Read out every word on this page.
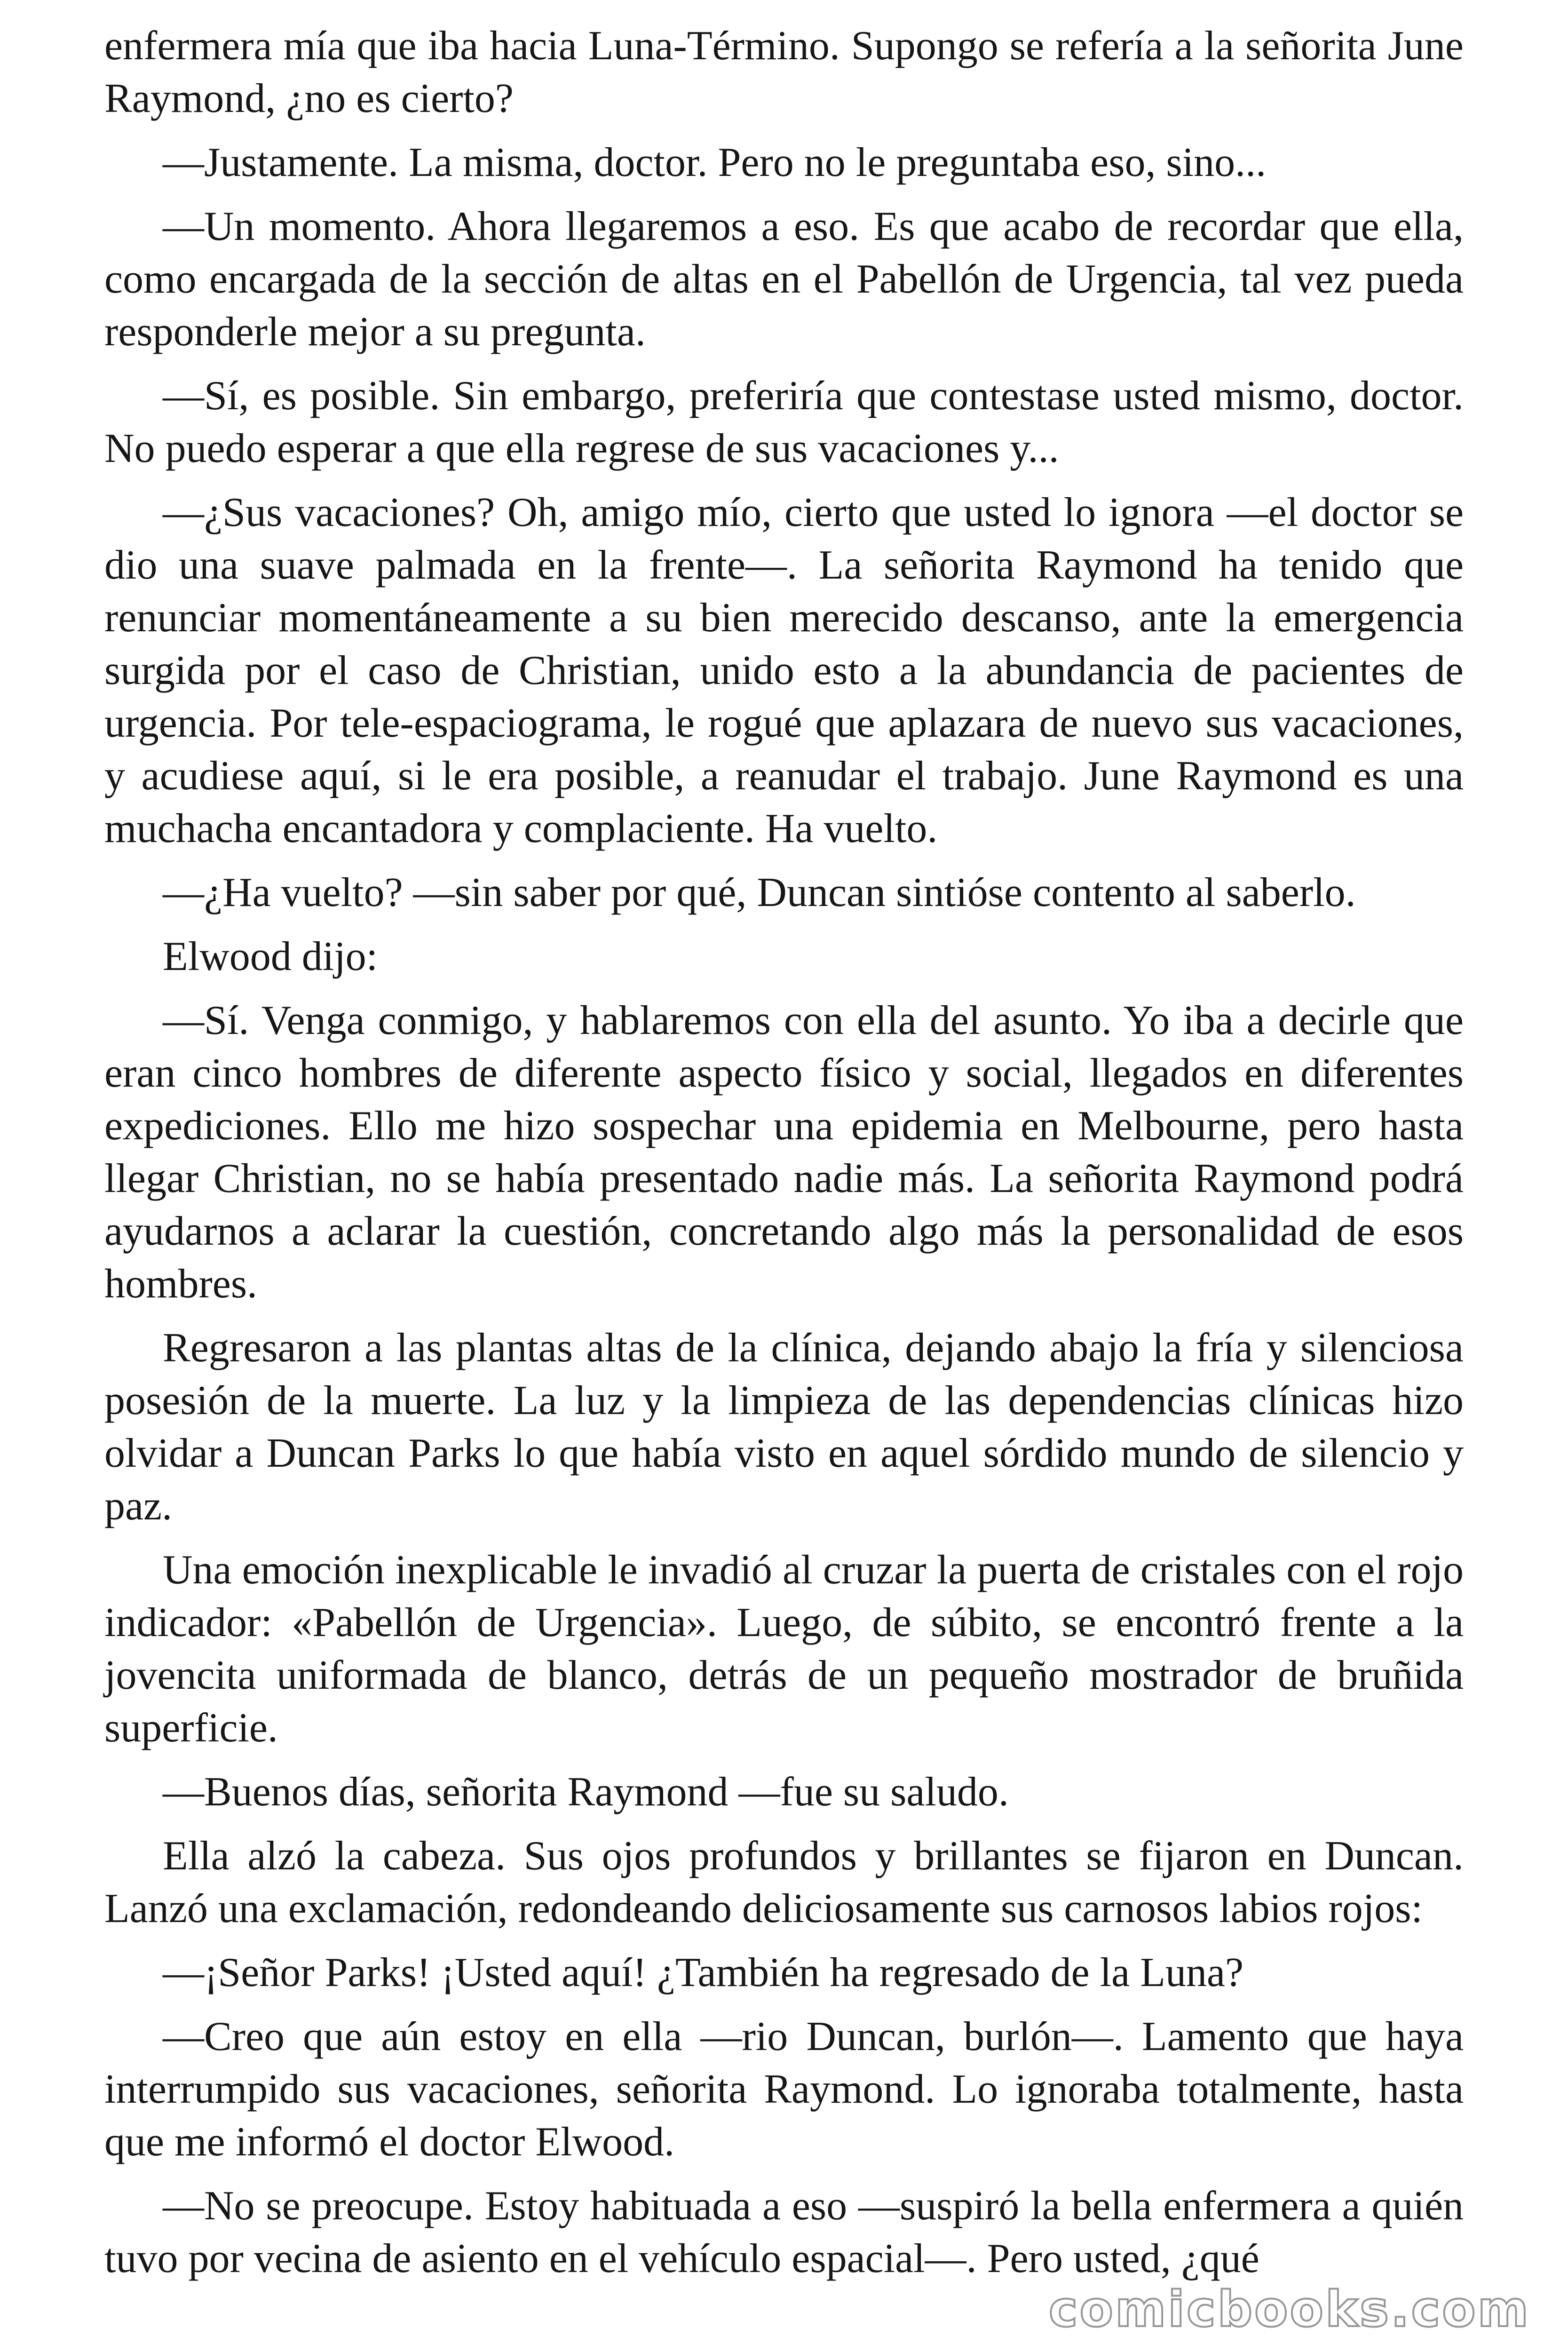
enfermera mía que iba hacia Luna-Término. Supongo se refería a la señorita June Raymond, ¿no es cierto?

—Justamente. La misma, doctor. Pero no le preguntaba eso, sino...

—Un momento. Ahora llegaremos a eso. Es que acabo de recordar que ella, como encargada de la sección de altas en el Pabellón de Urgencia, tal vez pueda responderle mejor a su pregunta.

—Sí, es posible. Sin embargo, preferiría que contestase usted mismo, doctor. No puedo esperar a que ella regrese de sus vacaciones y...

—¿Sus vacaciones? Oh, amigo mío, cierto que usted lo ignora —el doctor se dio una suave palmada en la frente—. La señorita Raymond ha tenido que renunciar momentáneamente a su bien merecido descanso, ante la emergencia surgida por el caso de Christian, unido esto a la abundancia de pacientes de urgencia. Por tele-espaciograma, le rogué que aplazara de nuevo sus vacaciones, y acudiese aquí, si le era posible, a reanudar el trabajo. June Raymond es una muchacha encantadora y complaciente. Ha vuelto.

—¿Ha vuelto? —sin saber por qué, Duncan sintióse contento al saberlo.

Elwood dijo:

—Sí. Venga conmigo, y hablaremos con ella del asunto. Yo iba a decirle que eran cinco hombres de diferente aspecto físico y social, llegados en diferentes expediciones. Ello me hizo sospechar una epidemia en Melbourne, pero hasta llegar Christian, no se había presentado nadie más. La señorita Raymond podrá ayudarnos a aclarar la cuestión, concretando algo más la personalidad de esos hombres.

Regresaron a las plantas altas de la clínica, dejando abajo la fría y silenciosa posesión de la muerte. La luz y la limpieza de las dependencias clínicas hizo olvidar a Duncan Parks lo que había visto en aquel sórdido mundo de silencio y paz.

Una emoción inexplicable le invadió al cruzar la puerta de cristales con el rojo indicador: «Pabellón de Urgencia». Luego, de súbito, se encontró frente a la jovencita uniformada de blanco, detrás de un pequeño mostrador de bruñida superficie.

—Buenos días, señorita Raymond —fue su saludo.

Ella alzó la cabeza. Sus ojos profundos y brillantes se fijaron en Duncan. Lanzó una exclamación, redondeando deliciosamente sus carnosos labios rojos:

—¡Señor Parks! ¡Usted aquí! ¿También ha regresado de la Luna?

—Creo que aún estoy en ella —rio Duncan, burlón—. Lamento que haya interrumpido sus vacaciones, señorita Raymond. Lo ignoraba totalmente, hasta que me informó el doctor Elwood.

—No se preocupe. Estoy habituada a eso —suspiró la bella enfermera a quién tuvo por vecina de asiento en el vehículo espacial—. Pero usted, ¿qué

comicbooks.com
